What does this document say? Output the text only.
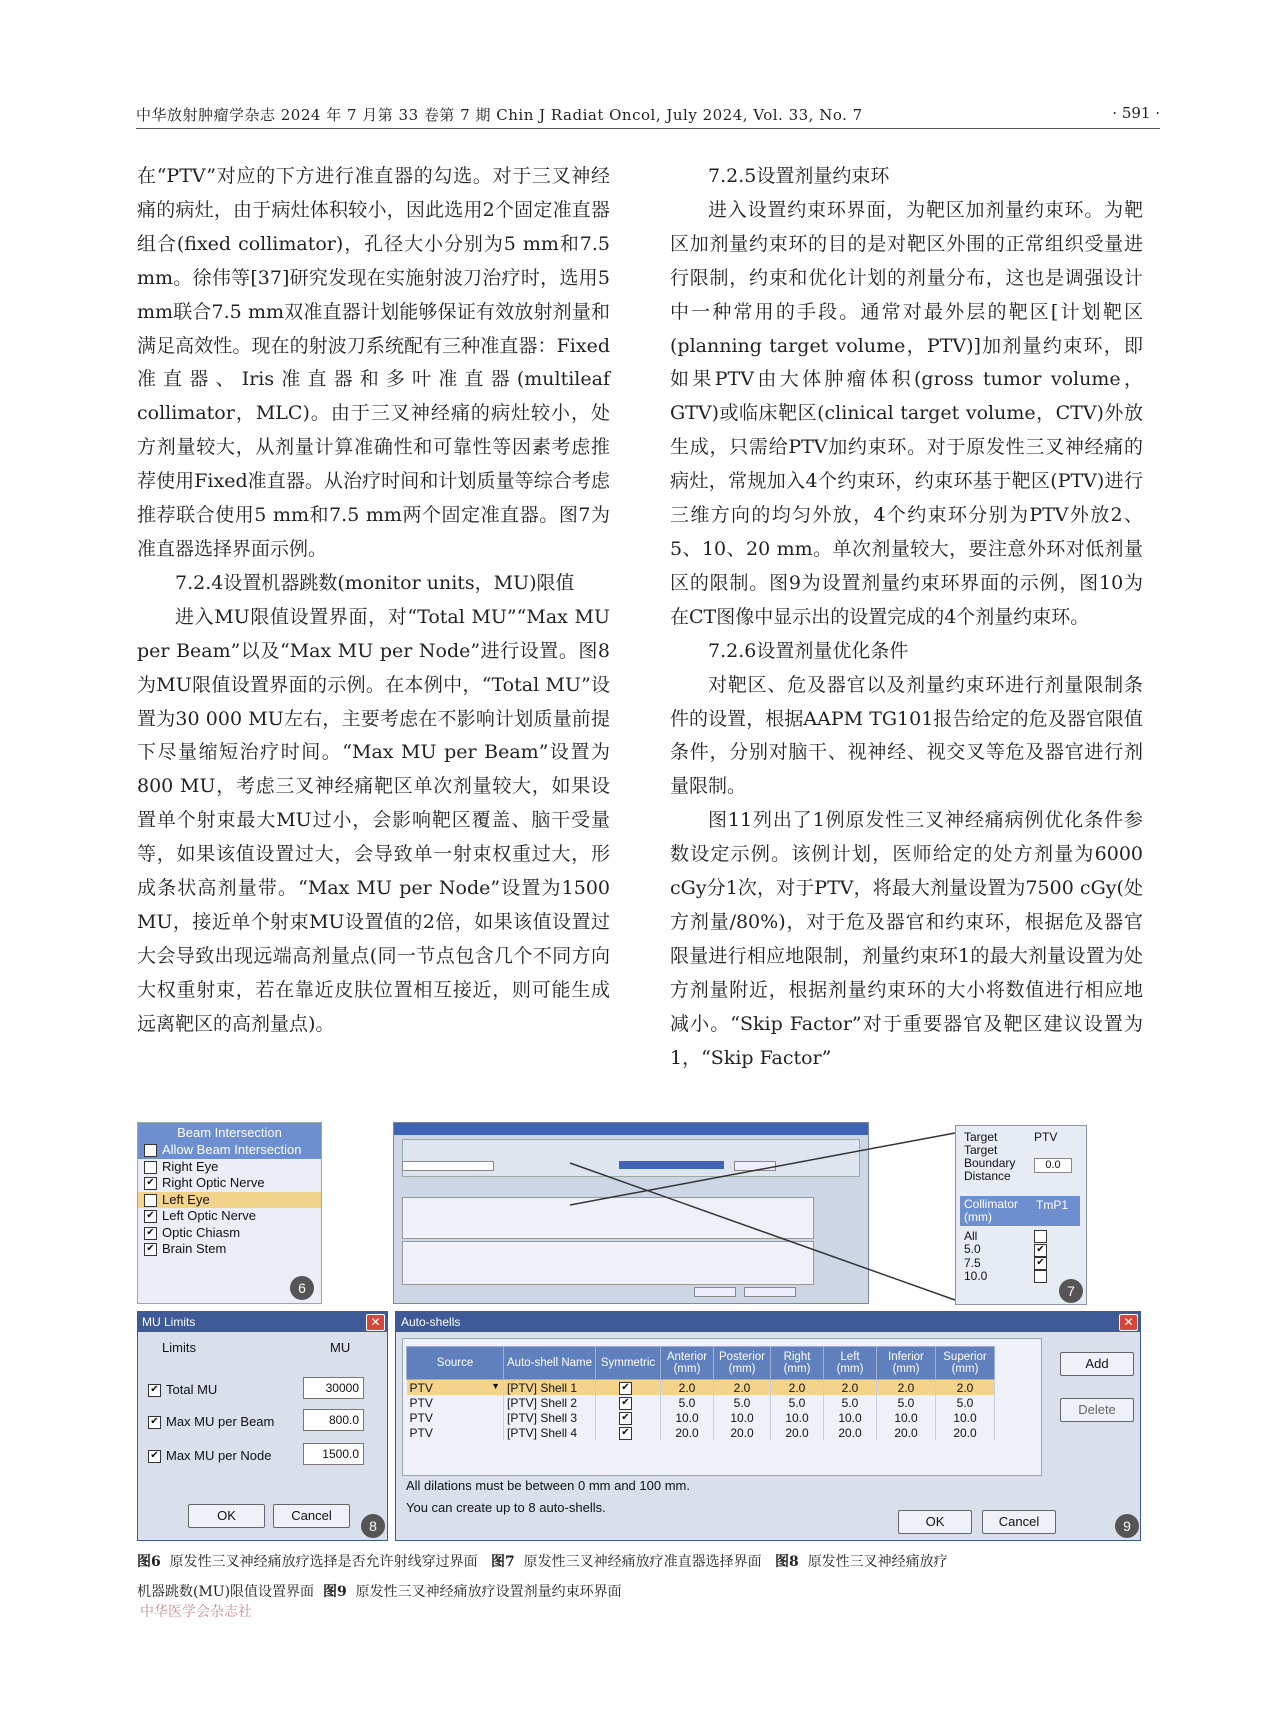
中华放射肿瘤学杂志 2024 年 7 月第 33 卷第 7 期 Chin J Radiat Oncol, July 2024, Vol. 33, No. 7	· 591 ·

在“PTV”对应的下方进行准直器的勾选。对于三叉神经痛的病灶，由于病灶体积较小，因此选用2个固定准直器组合(fixed collimator)，孔径大小分别为5 mm和7.5 mm。徐伟等[37]研究发现在实施射波刀治疗时，选用5 mm联合7.5 mm双准直器计划能够保证有效放射剂量和满足高效性。现在的射波刀系统配有三种准直器：Fixed准直器、Iris准直器和多叶准直器(multileaf collimator，MLC)。由于三叉神经痛的病灶较小，处方剂量较大，从剂量计算准确性和可靠性等因素考虑推荐使用Fixed准直器。从治疗时间和计划质量等综合考虑推荐联合使用5 mm和7.5 mm两个固定准直器。图7为准直器选择界面示例。

7.2.4设置机器跳数(monitor units，MU)限值

进入MU限值设置界面，对“Total MU”“Max MU per Beam”以及“Max MU per Node”进行设置。图8为MU限值设置界面的示例。在本例中，“Total MU”设置为30 000 MU左右，主要考虑在不影响计划质量前提下尽量缩短治疗时间。“Max MU per Beam”设置为800 MU，考虑三叉神经痛靶区单次剂量较大，如果设置单个射束最大MU过小，会影响靶区覆盖、脑干受量等，如果该值设置过大，会导致单一射束权重过大，形成条状高剂量带。“Max MU per Node”设置为1500 MU，接近单个射束MU设置值的2倍，如果该值设置过大会导致出现远端高剂量点(同一节点包含几个不同方向大权重射束，若在靠近皮肤位置相互接近，则可能生成远离靶区的高剂量点)。

7.2.5设置剂量约束环

进入设置约束环界面，为靶区加剂量约束环。为靶区加剂量约束环的目的是对靶区外围的正常组织受量进行限制，约束和优化计划的剂量分布，这也是调强设计中一种常用的手段。通常对最外层的靶区[计划靶区(planning target volume，PTV)]加剂量约束环，即如果PTV由大体肿瘤体积(gross tumor volume，GTV)或临床靶区(clinical target volume，CTV)外放生成，只需给PTV加约束环。对于原发性三叉神经痛的病灶，常规加入4个约束环，约束环基于靶区(PTV)进行三维方向的均匀外放，4个约束环分别为PTV外放2、5、10、20 mm。单次剂量较大，要注意外环对低剂量区的限制。图9为设置剂量约束环界面的示例，图10为在CT图像中显示出的设置完成的4个剂量约束环。

7.2.6设置剂量优化条件

对靶区、危及器官以及剂量约束环进行剂量限制条件的设置，根据AAPM TG101报告给定的危及器官限值条件，分别对脑干、视神经、视交叉等危及器官进行剂量限制。

图11列出了1例原发性三叉神经痛病例优化条件参数设定示例。该例计划，医师给定的处方剂量为6000 cGy分1次，对于PTV，将最大剂量设置为7500 cGy(处方剂量/80%)，对于危及器官和约束环，根据危及器官限量进行相应地限制，剂量约束环1的最大剂量设置为处方剂量附近，根据剂量约束环的大小将数值进行相应地减小。“Skip Factor”对于重要器官及靶区建议设置为1，“Skip Factor”

Beam Intersection
Allow Beam Intersection
Right Eye
✔ Right Optic Nerve
Left Eye
✔ Left Optic Nerve
✔ Optic Chiasm
✔ Brain Stem
6
Target	PTV
Target Boundary Distance
0.0
Collimator (mm)
TmP1
All
5.0	✔
7.5	✔
10.0
7
MU Limits	✕
Limits	MU
✔ Total MU	30000
✔ Max MU per Beam	800.0
✔ Max MU per Node	1500.0
OK	Cancel
8
Auto-shells	✕
Source	Auto-shell Name	Symmetric	Anterior (mm)	Posterior (mm)	Right (mm)	Left (mm)	Inferior (mm)	Superior (mm)
PTV ▼	[PTV] Shell 1	✔	2.0	2.0	2.0	2.0	2.0	2.0
PTV	[PTV] Shell 2	✔	5.0	5.0	5.0	5.0	5.0	5.0
PTV	[PTV] Shell 3	✔	10.0	10.0	10.0	10.0	10.0	10.0
PTV	[PTV] Shell 4	✔	20.0	20.0	20.0	20.0	20.0	20.0
Add
Delete
All dilations must be between 0 mm and 100 mm.
You can create up to 8 auto-shells.
OK	Cancel	9
图6 原发性三叉神经痛放疗选择是否允许射线穿过界面 图7 原发性三叉神经痛放疗准直器选择界面 图8 原发性三叉神经痛放疗
机器跳数(MU)限值设置界面 图9 原发性三叉神经痛放疗设置剂量约束环界面
中华医学会杂志社
